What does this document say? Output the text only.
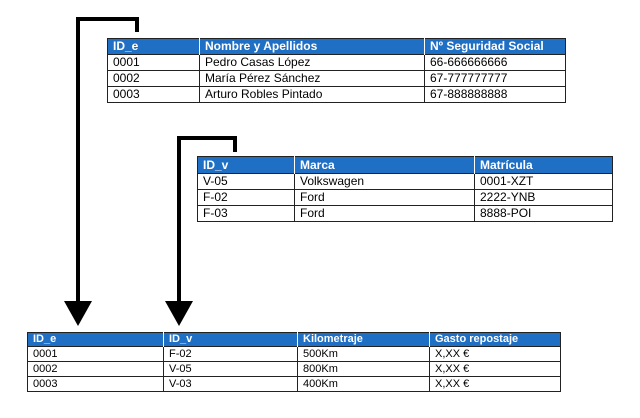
ID_e	Nombre y Apellidos	Nº Seguridad Social
0001	Pedro Casas López	66-666666666
0002	María Pérez Sánchez	67-777777777
0003	Arturo Robles Pintado	67-888888888
ID_v	Marca	Matrícula
V-05	Volkswagen	0001-XZT
F-02	Ford	2222-YNB
F-03	Ford	8888-POI
ID_e	ID_v	Kilometraje	Gasto repostaje
0001	F-02	500Km	X,XX €
0002	V-05	800Km	X,XX €
0003	V-03	400Km	X,XX €
